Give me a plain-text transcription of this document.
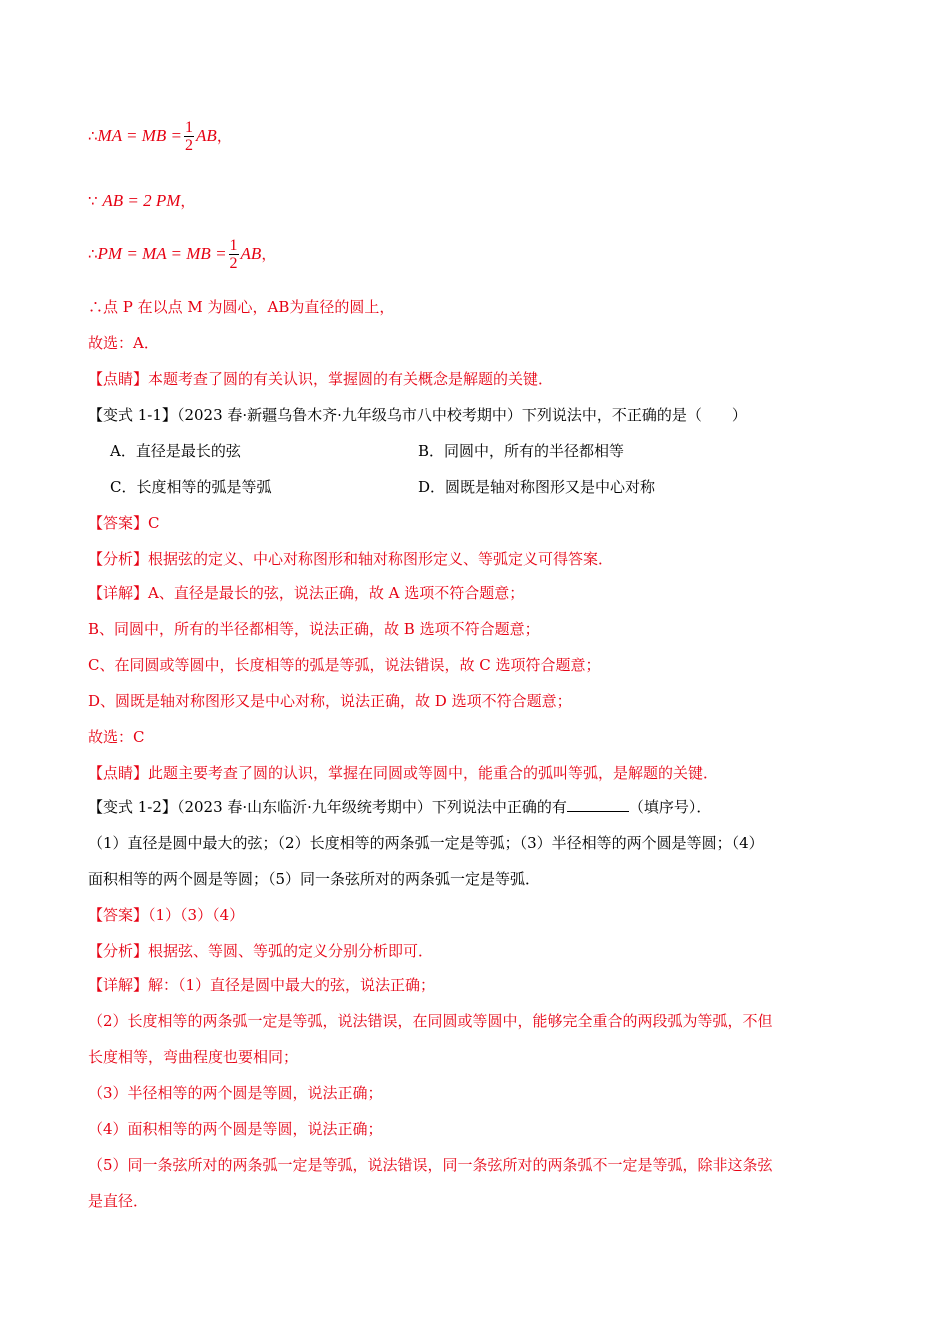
∴MA = MB = $\frac{1}{2}$ AB，
∵ AB = 2 PM，
∴PM = MA = MB = $\frac{1}{2}$ AB，
∴点 P 在以点 M 为圆心，AB为直径的圆上，
故选：A．
【点睛】本题考查了圆的有关认识，掌握圆的有关概念是解题的关键．
【变式 1-1】（2023 春·新疆乌鲁木齐·九年级乌市八中校考期中）下列说法中，不正确的是（　　）
A．直径是最长的弦	B．同圆中，所有的半径都相等
C．长度相等的弧是等弧	D．圆既是轴对称图形又是中心对称
【答案】C
【分析】根据弦的定义、中心对称图形和轴对称图形定义、等弧定义可得答案．
【详解】A、直径是最长的弦，说法正确，故 A 选项不符合题意；
B、同圆中，所有的半径都相等，说法正确，故 B 选项不符合题意；
C、在同圆或等圆中，长度相等的弧是等弧，说法错误，故 C 选项符合题意；
D、圆既是轴对称图形又是中心对称，说法正确，故 D 选项不符合题意；
故选：C
【点睛】此题主要考查了圆的认识，掌握在同圆或等圆中，能重合的弧叫等弧，是解题的关键．
【变式 1-2】（2023 春·山东临沂·九年级统考期中）下列说法中正确的有	（填序号）．
（1）直径是圆中最大的弦；（2）长度相等的两条弧一定是等弧；（3）半径相等的两个圆是等圆；（4）
面积相等的两个圆是等圆；（5）同一条弦所对的两条弧一定是等弧．
【答案】（1）（3）（4）
【分析】根据弦、等圆、等弧的定义分别分析即可．
【详解】解：（1）直径是圆中最大的弦，说法正确；
（2）长度相等的两条弧一定是等弧，说法错误，在同圆或等圆中，能够完全重合的两段弧为等弧，不但
长度相等，弯曲程度也要相同；
（3）半径相等的两个圆是等圆，说法正确；
（4）面积相等的两个圆是等圆，说法正确；
（5）同一条弦所对的两条弧一定是等弧，说法错误，同一条弦所对的两条弧不一定是等弧，除非这条弦
是直径．
